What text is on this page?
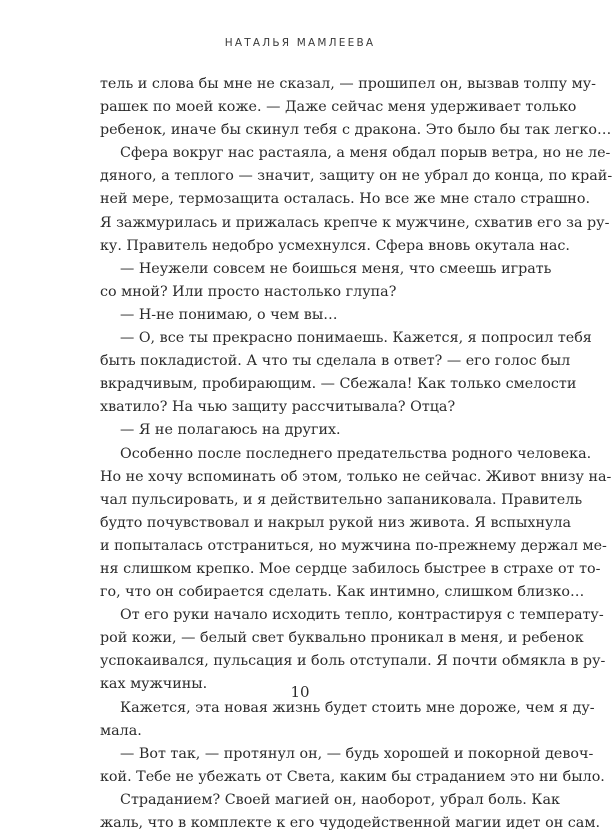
НАТАЛЬЯ МАМЛЕЕВА
тель и слова бы мне не сказал, — прошипел он, вызвав толпу му-
рашек по моей коже. — Даже сейчас меня удерживает только
ребенок, иначе бы скинул тебя с дракона. Это было бы так легко…
Сфера вокруг нас растаяла, а меня обдал порыв ветра, но не ле-
дяного, а теплого — значит, защиту он не убрал до конца, по край-
ней мере, термозащита осталась. Но все же мне стало страшно.
Я зажмурилась и прижалась крепче к мужчине, схватив его за ру-
ку. Правитель недобро усмехнулся. Сфера вновь окутала нас.
— Неужели совсем не боишься меня, что смеешь играть
со мной? Или просто настолько глупа?
— Н-не понимаю, о чем вы…
— О, все ты прекрасно понимаешь. Кажется, я попросил тебя
быть покладистой. А что ты сделала в ответ? — его голос был
вкрадчивым, пробирающим. — Сбежала! Как только смелости
хватило? На чью защиту рассчитывала? Отца?
— Я не полагаюсь на других.
Особенно после последнего предательства родного человека.
Но не хочу вспоминать об этом, только не сейчас. Живот внизу на-
чал пульсировать, и я действительно запаниковала. Правитель
будто почувствовал и накрыл рукой низ живота. Я вспыхнула
и попыталась отстраниться, но мужчина по-прежнему держал ме-
ня слишком крепко. Мое сердце забилось быстрее в страхе от то-
го, что он собирается сделать. Как интимно, слишком близко…
От его руки начало исходить тепло, контрастируя с температу-
рой кожи, — белый свет буквально проникал в меня, и ребенок
успокаивался, пульсация и боль отступали. Я почти обмякла в ру-
ках мужчины.
Кажется, эта новая жизнь будет стоить мне дороже, чем я ду-
мала.
— Вот так, — протянул он, — будь хорошей и покорной девоч-
кой. Тебе не убежать от Света, каким бы страданием это ни было.
Страданием? Своей магией он, наоборот, убрал боль. Как
жаль, что в комплекте к его чудодейственной магии идет он сам.
10
